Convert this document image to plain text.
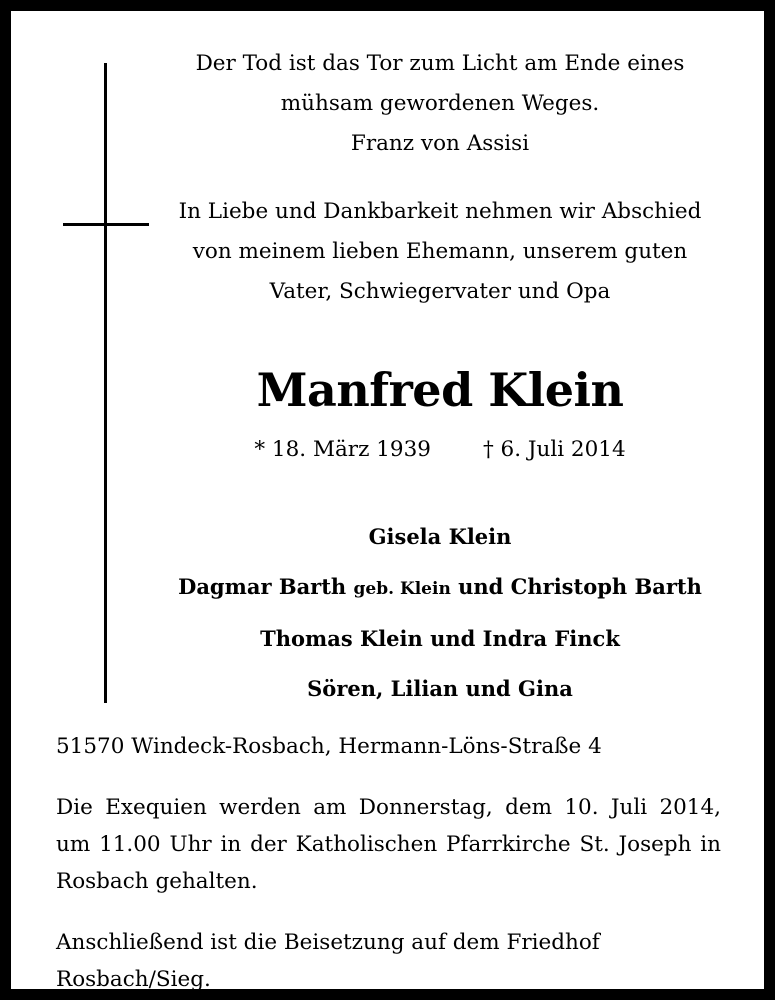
Der Tod ist das Tor zum Licht am Ende eines
mühsam gewordenen Weges.
Franz von Assisi
In Liebe und Dankbarkeit nehmen wir Abschied
von meinem lieben Ehemann, unserem guten
Vater, Schwiegervater und Opa
Manfred Klein
* 18. März 1939 † 6. Juli 2014
Gisela Klein
Dagmar Barth geb. Klein und Christoph Barth
Thomas Klein und Indra Finck
Sören, Lilian und Gina
51570 Windeck-Rosbach, Hermann-Löns-Straße 4
Die Exequien werden am Donnerstag, dem 10. Juli 2014,
um 11.00 Uhr in der Katholischen Pfarrkirche St. Joseph in
Rosbach gehalten.
Anschließend ist die Beisetzung auf dem Friedhof Rosbach/Sieg.
